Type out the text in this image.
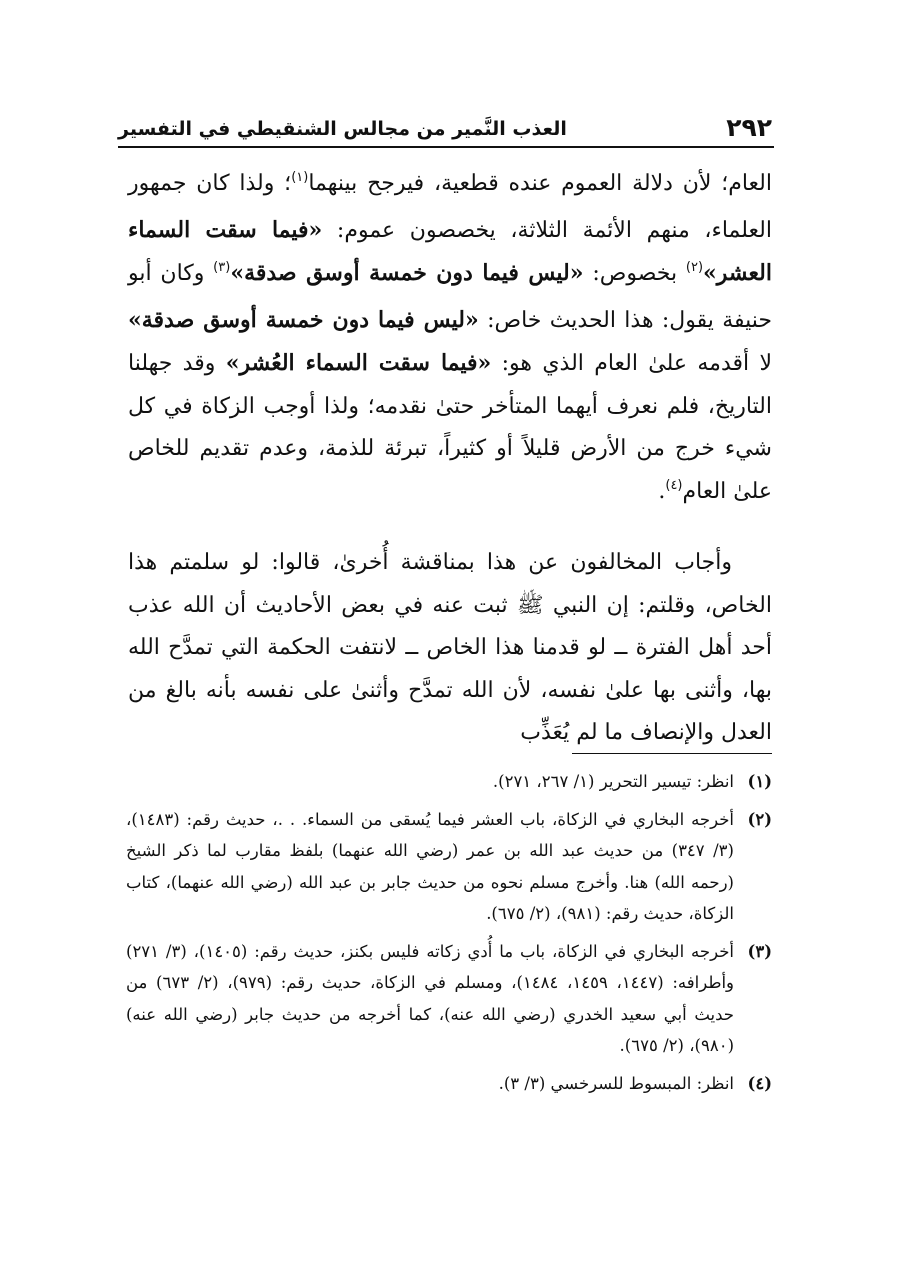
٢٩٢
العذب النَّمير من مجالس الشنقيطي في التفسير

العام؛ لأن دلالة العموم عنده قطعية، فيرجح بينهما$^{(١)}$؛ ولذا كان جمهور العلماء، منهم الأئمة الثلاثة، يخصصون عموم: «فيما سقت السماء العشر»$^{(٢)}$ بخصوص: «ليس فيما دون خمسة أوسق صدقة»$^{(٣)}$ وكان أبو حنيفة يقول: هذا الحديث خاص: «ليس فيما دون خمسة أوسق صدقة» لا أقدمه علىٰ العام الذي هو: «فيما سقت السماء العُشر» وقد جهلنا التاريخ، فلم نعرف أيهما المتأخر حتىٰ نقدمه؛ ولذا أوجب الزكاة في كل شيء خرج من الأرض قليلاً أو كثيراً، تبرئة للذمة، وعدم تقديم للخاص علىٰ العام$^{(٤)}$.

وأجاب المخالفون عن هذا بمناقشة أُخرىٰ، قالوا: لو سلمتم هذا الخاص، وقلتم: إن النبي ﷺ ثبت عنه في بعض الأحاديث أن الله عذب أحد أهل الفترة ــ لو قدمنا هذا الخاص ــ لانتفت الحكمة التي تمدَّح الله بها، وأثنى بها علىٰ نفسه، لأن الله تمدَّح وأثنىٰ على نفسه بأنه بالغ من العدل والإنصاف ما لم يُعَذِّب

(١)
انظر: تيسير التحرير (١/ ٢٦٧، ٢٧١).
(٢)
أخرجه البخاري في الزكاة، باب العشر فيما يُسقى من السماء. . .، حديث رقم: (١٤٨٣)، (٣/ ٣٤٧) من حديث عبد الله بن عمر (رضي الله عنهما) بلفظ مقارب لما ذكر الشيخ (رحمه الله) هنا. وأخرج مسلم نحوه من حديث جابر بن عبد الله (رضي الله عنهما)، كتاب الزكاة، حديث رقم: (٩٨١)، (٢/ ٦٧٥).
(٣)
أخرجه البخاري في الزكاة، باب ما أُدي زكاته فليس بكنز، حديث رقم: (١٤٠٥)، (٣/ ٢٧١) وأطرافه: (١٤٤٧، ١٤٥٩، ١٤٨٤)، ومسلم في الزكاة، حديث رقم: (٩٧٩)، (٢/ ٦٧٣) من حديث أبي سعيد الخدري (رضي الله عنه)، كما أخرجه من حديث جابر (رضي الله عنه) (٩٨٠)، (٢/ ٦٧٥).
(٤)
انظر: المبسوط للسرخسي (٣/ ٣).
